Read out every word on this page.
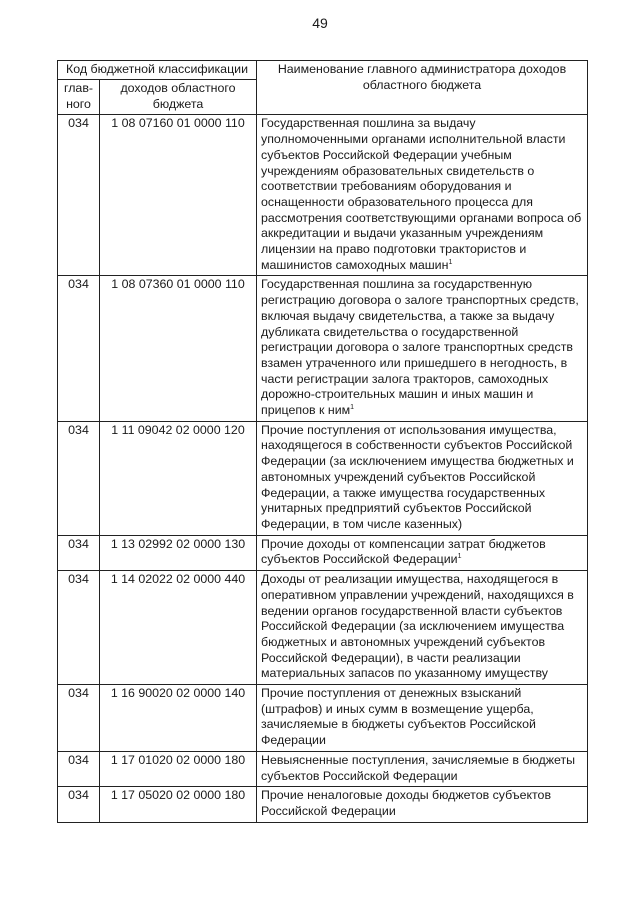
49
Код бюджетной классификации		Наименование главного администратора доходов областного бюджета
глав-ного	доходов областного бюджета	
034	1 08 07160 01 0000 110	Государственная пошлина за выдачу уполномоченными органами исполнительной власти субъектов Российской Федерации учебным учреждениям образовательных свидетельств о соответствии требованиям оборудования и оснащенности образовательного процесса для рассмотрения соответствующими органами вопроса об аккредитации и выдачи указанным учреждениям лицензии на право подготовки трактористов и машинистов самоходных машин$^1$
034	1 08 07360 01 0000 110	Государственная пошлина за государственную регистрацию договора о залоге транспортных средств, включая выдачу свидетельства, а также за выдачу дубликата свидетельства о государственной регистрации договора о залоге транспортных средств взамен утраченного или пришедшего в негодность, в части регистрации залога тракторов, самоходных дорожно-строительных машин и иных машин и прицепов к ним$^1$
034	1 11 09042 02 0000 120	Прочие поступления от использования имущества, находящегося в собственности субъектов Российской Федерации (за исключением имущества бюджетных и автономных учреждений субъектов Российской Федерации, а также имущества государственных унитарных предприятий субъектов Российской Федерации, в том числе казенных)
034	1 13 02992 02 0000 130	Прочие доходы от компенсации затрат бюджетов субъектов Российской Федерации$^1$
034	1 14 02022 02 0000 440	Доходы от реализации имущества, находящегося в оперативном управлении учреждений, находящихся в ведении органов государственной власти субъектов Российской Федерации (за исключением имущества бюджетных и автономных учреждений субъектов Российской Федерации), в части реализации материальных запасов по указанному имуществу
034	1 16 90020 02 0000 140	Прочие поступления от денежных взысканий (штрафов) и иных сумм в возмещение ущерба, зачисляемые в бюджеты субъектов Российской Федерации
034	1 17 01020 02 0000 180	Невыясненные поступления, зачисляемые в бюджеты субъектов Российской Федерации
034	1 17 05020 02 0000 180	Прочие неналоговые доходы бюджетов субъектов Российской Федерации
